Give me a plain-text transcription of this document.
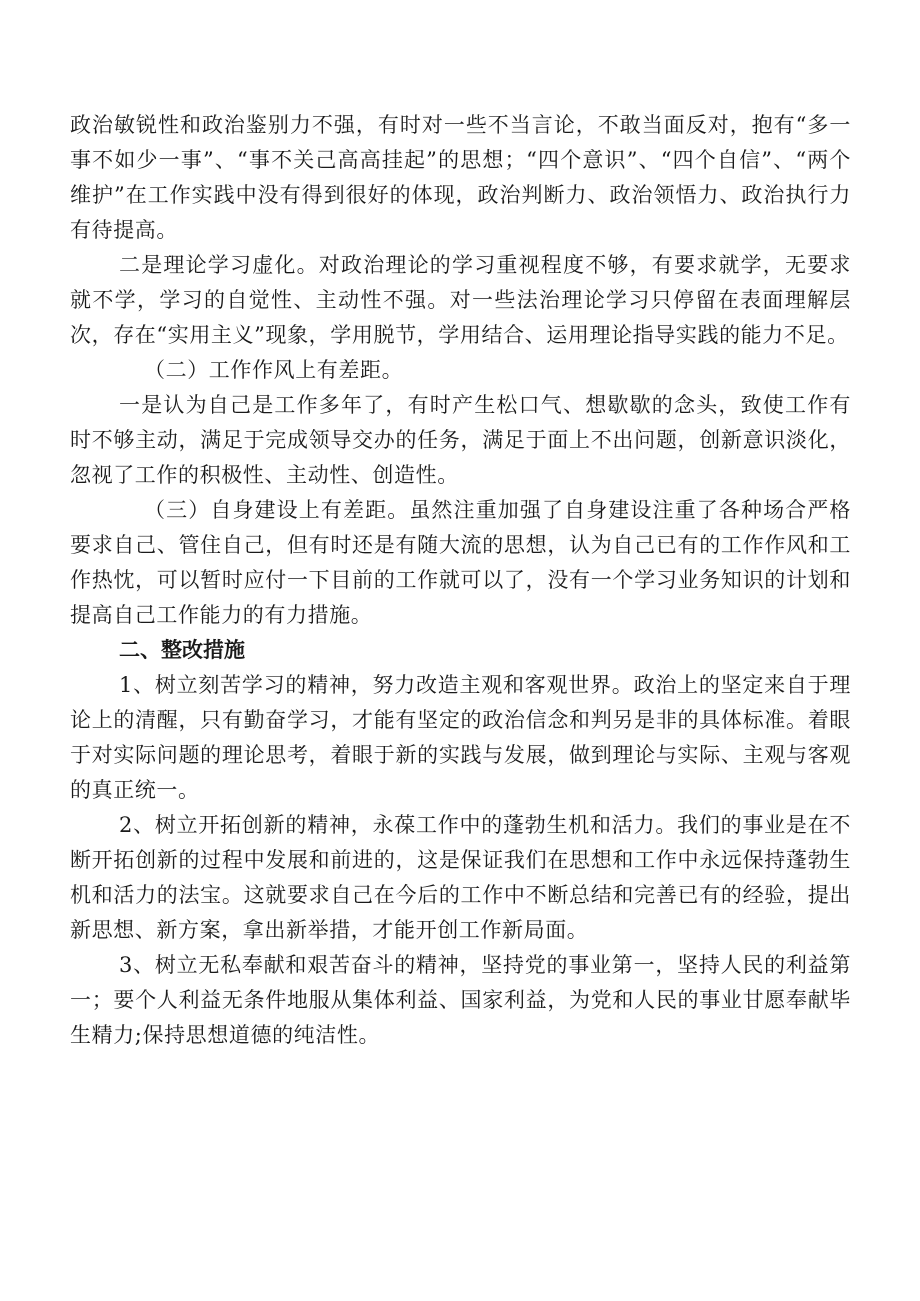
政治敏锐性和政治鉴别力不强，有时对一些不当言论，不敢当面反对，抱有“多一事不如少一事”、“事不关己高高挂起”的思想；“四个意识”、“四个自信”、“两个维护”在工作实践中没有得到很好的体现，政治判断力、政治领悟力、政治执行力有待提高。

二是理论学习虚化。对政治理论的学习重视程度不够，有要求就学，无要求就不学，学习的自觉性、主动性不强。对一些法治理论学习只停留在表面理解层次，存在“实用主义”现象，学用脱节，学用结合、运用理论指导实践的能力不足。

（二）工作作风上有差距。

一是认为自己是工作多年了，有时产生松口气、想歇歇的念头，致使工作有时不够主动，满足于完成领导交办的任务，满足于面上不出问题，创新意识淡化，忽视了工作的积极性、主动性、创造性。

（三）自身建设上有差距。虽然注重加强了自身建设注重了各种场合严格要求自己、管住自己，但有时还是有随大流的思想，认为自己已有的工作作风和工作热忱，可以暂时应付一下目前的工作就可以了，没有一个学习业务知识的计划和提高自己工作能力的有力措施。

二、整改措施

1、树立刻苦学习的精神，努力改造主观和客观世界。政治上的坚定来自于理论上的清醒，只有勤奋学习，才能有坚定的政治信念和判另是非的具体标准。着眼于对实际问题的理论思考，着眼于新的实践与发展，做到理论与实际、主观与客观的真正统一。

2、树立开拓创新的精神，永葆工作中的蓬勃生机和活力。我们的事业是在不断开拓创新的过程中发展和前进的，这是保证我们在思想和工作中永远保持蓬勃生机和活力的法宝。这就要求自己在今后的工作中不断总结和完善已有的经验，提出新思想、新方案，拿出新举措，才能开创工作新局面。

3、树立无私奉献和艰苦奋斗的精神，坚持党的事业第一，坚持人民的利益第一；要个人利益无条件地服从集体利益、国家利益，为党和人民的事业甘愿奉献毕生精力;保持思想道德的纯洁性。
